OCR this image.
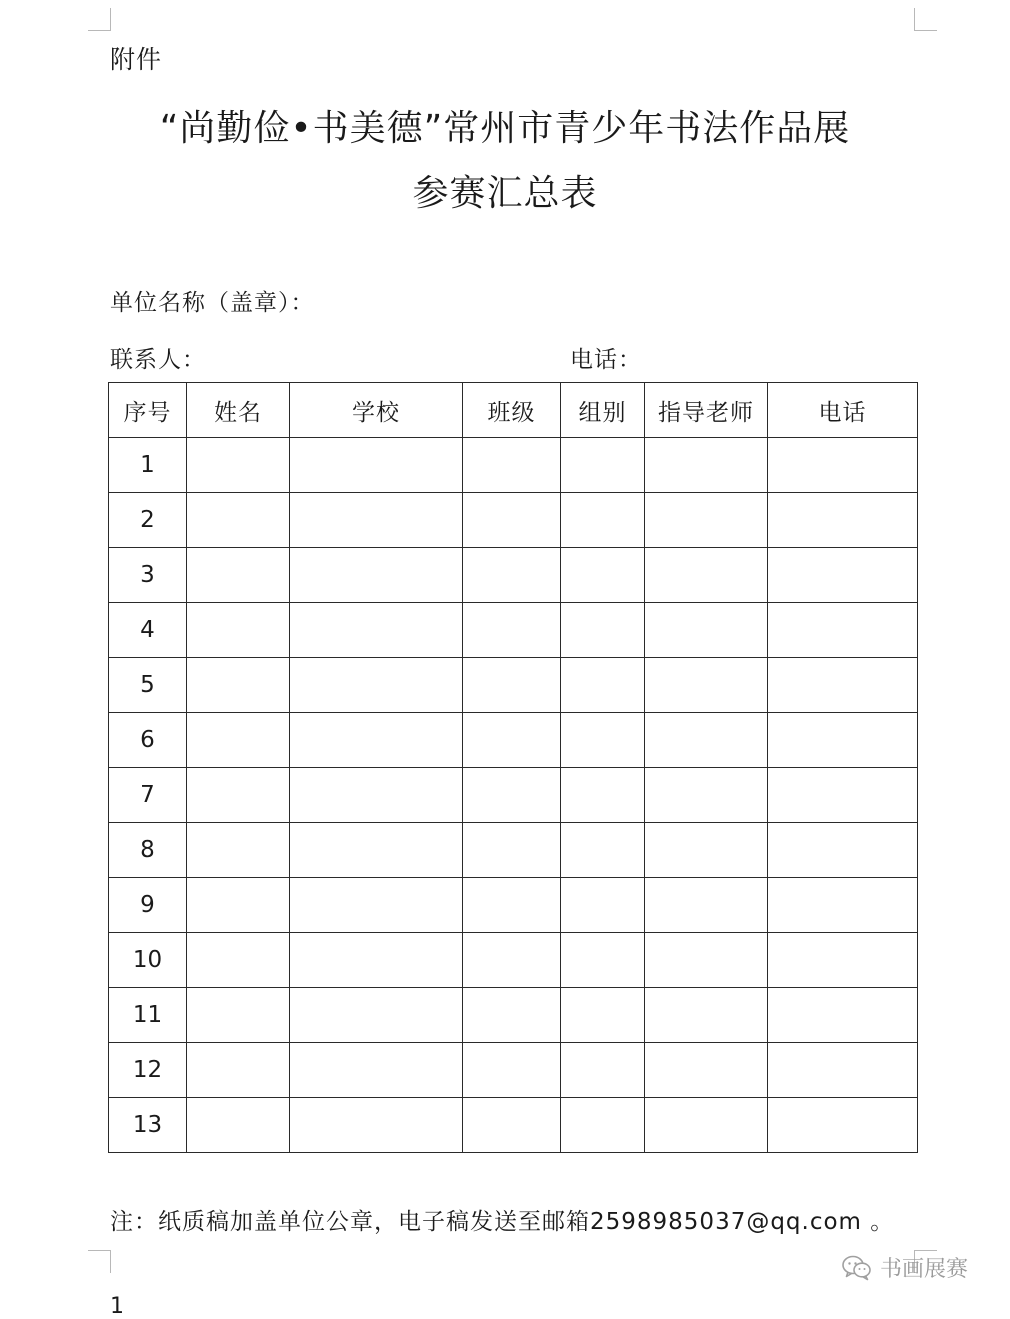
附件
“尚勤俭•书美德”常州市青少年书法作品展
参赛汇总表
单位名称（盖章）：
联系人：	电话：
序号	姓名	学校	班级	组别	指导老师	电话
1						
2						
3						
4						
5						
6						
7						
8						
9						
10						
11						
12						
13						
注：纸质稿加盖单位公章，电子稿发送至邮箱2598985037@qq.com 。
书画展赛
1
